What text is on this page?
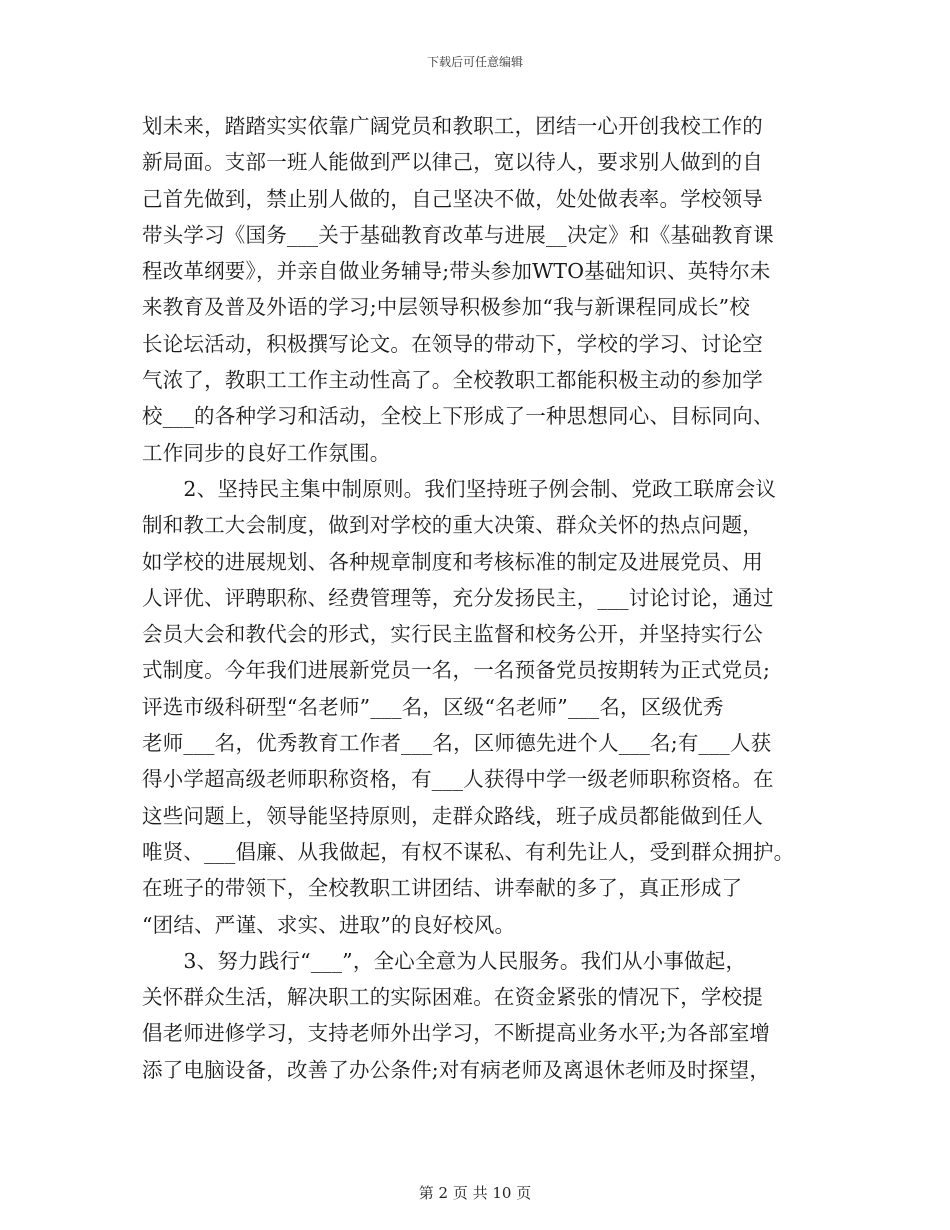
下载后可任意编辑
划未来，踏踏实实依靠广阔党员和教职工，团结一心开创我校工作的
新局面。支部一班人能做到严以律己，宽以待人，要求别人做到的自
己首先做到，禁止别人做的，自己坚决不做，处处做表率。学校领导
带头学习《国务___关于基础教育改革与进展__决定》和《基础教育课
程改革纲要》，并亲自做业务辅导;带头参加WTO基础知识、英特尔未
来教育及普及外语的学习;中层领导积极参加“我与新课程同成长”校
长论坛活动，积极撰写论文。在领导的带动下，学校的学习、讨论空
气浓了，教职工工作主动性高了。全校教职工都能积极主动的参加学
校___的各种学习和活动，全校上下形成了一种思想同心、目标同向、
工作同步的良好工作氛围。
　　2、坚持民主集中制原则。我们坚持班子例会制、党政工联席会议
制和教工大会制度，做到对学校的重大决策、群众关怀的热点问题，
如学校的进展规划、各种规章制度和考核标准的制定及进展党员、用
人评优、评聘职称、经费管理等，充分发扬民主，___讨论讨论，通过
会员大会和教代会的形式，实行民主监督和校务公开，并坚持实行公
式制度。今年我们进展新党员一名，一名预备党员按期转为正式党员;
评选市级科研型“名老师”___名，区级“名老师”___名，区级优秀
老师___名，优秀教育工作者___名，区师德先进个人___名;有___人获
得小学超高级老师职称资格，有___人获得中学一级老师职称资格。在
这些问题上，领导能坚持原则，走群众路线，班子成员都能做到任人
唯贤、___倡廉、从我做起，有权不谋私、有利先让人，受到群众拥护。
在班子的带领下，全校教职工讲团结、讲奉献的多了，真正形成了
“团结、严谨、求实、进取”的良好校风。
　　3、努力践行“___”，全心全意为人民服务。我们从小事做起，
关怀群众生活，解决职工的实际困难。在资金紧张的情况下，学校提
倡老师进修学习，支持老师外出学习，不断提高业务水平;为各部室增
添了电脑设备，改善了办公条件;对有病老师及离退休老师及时探望，
第 2 页 共 10 页
